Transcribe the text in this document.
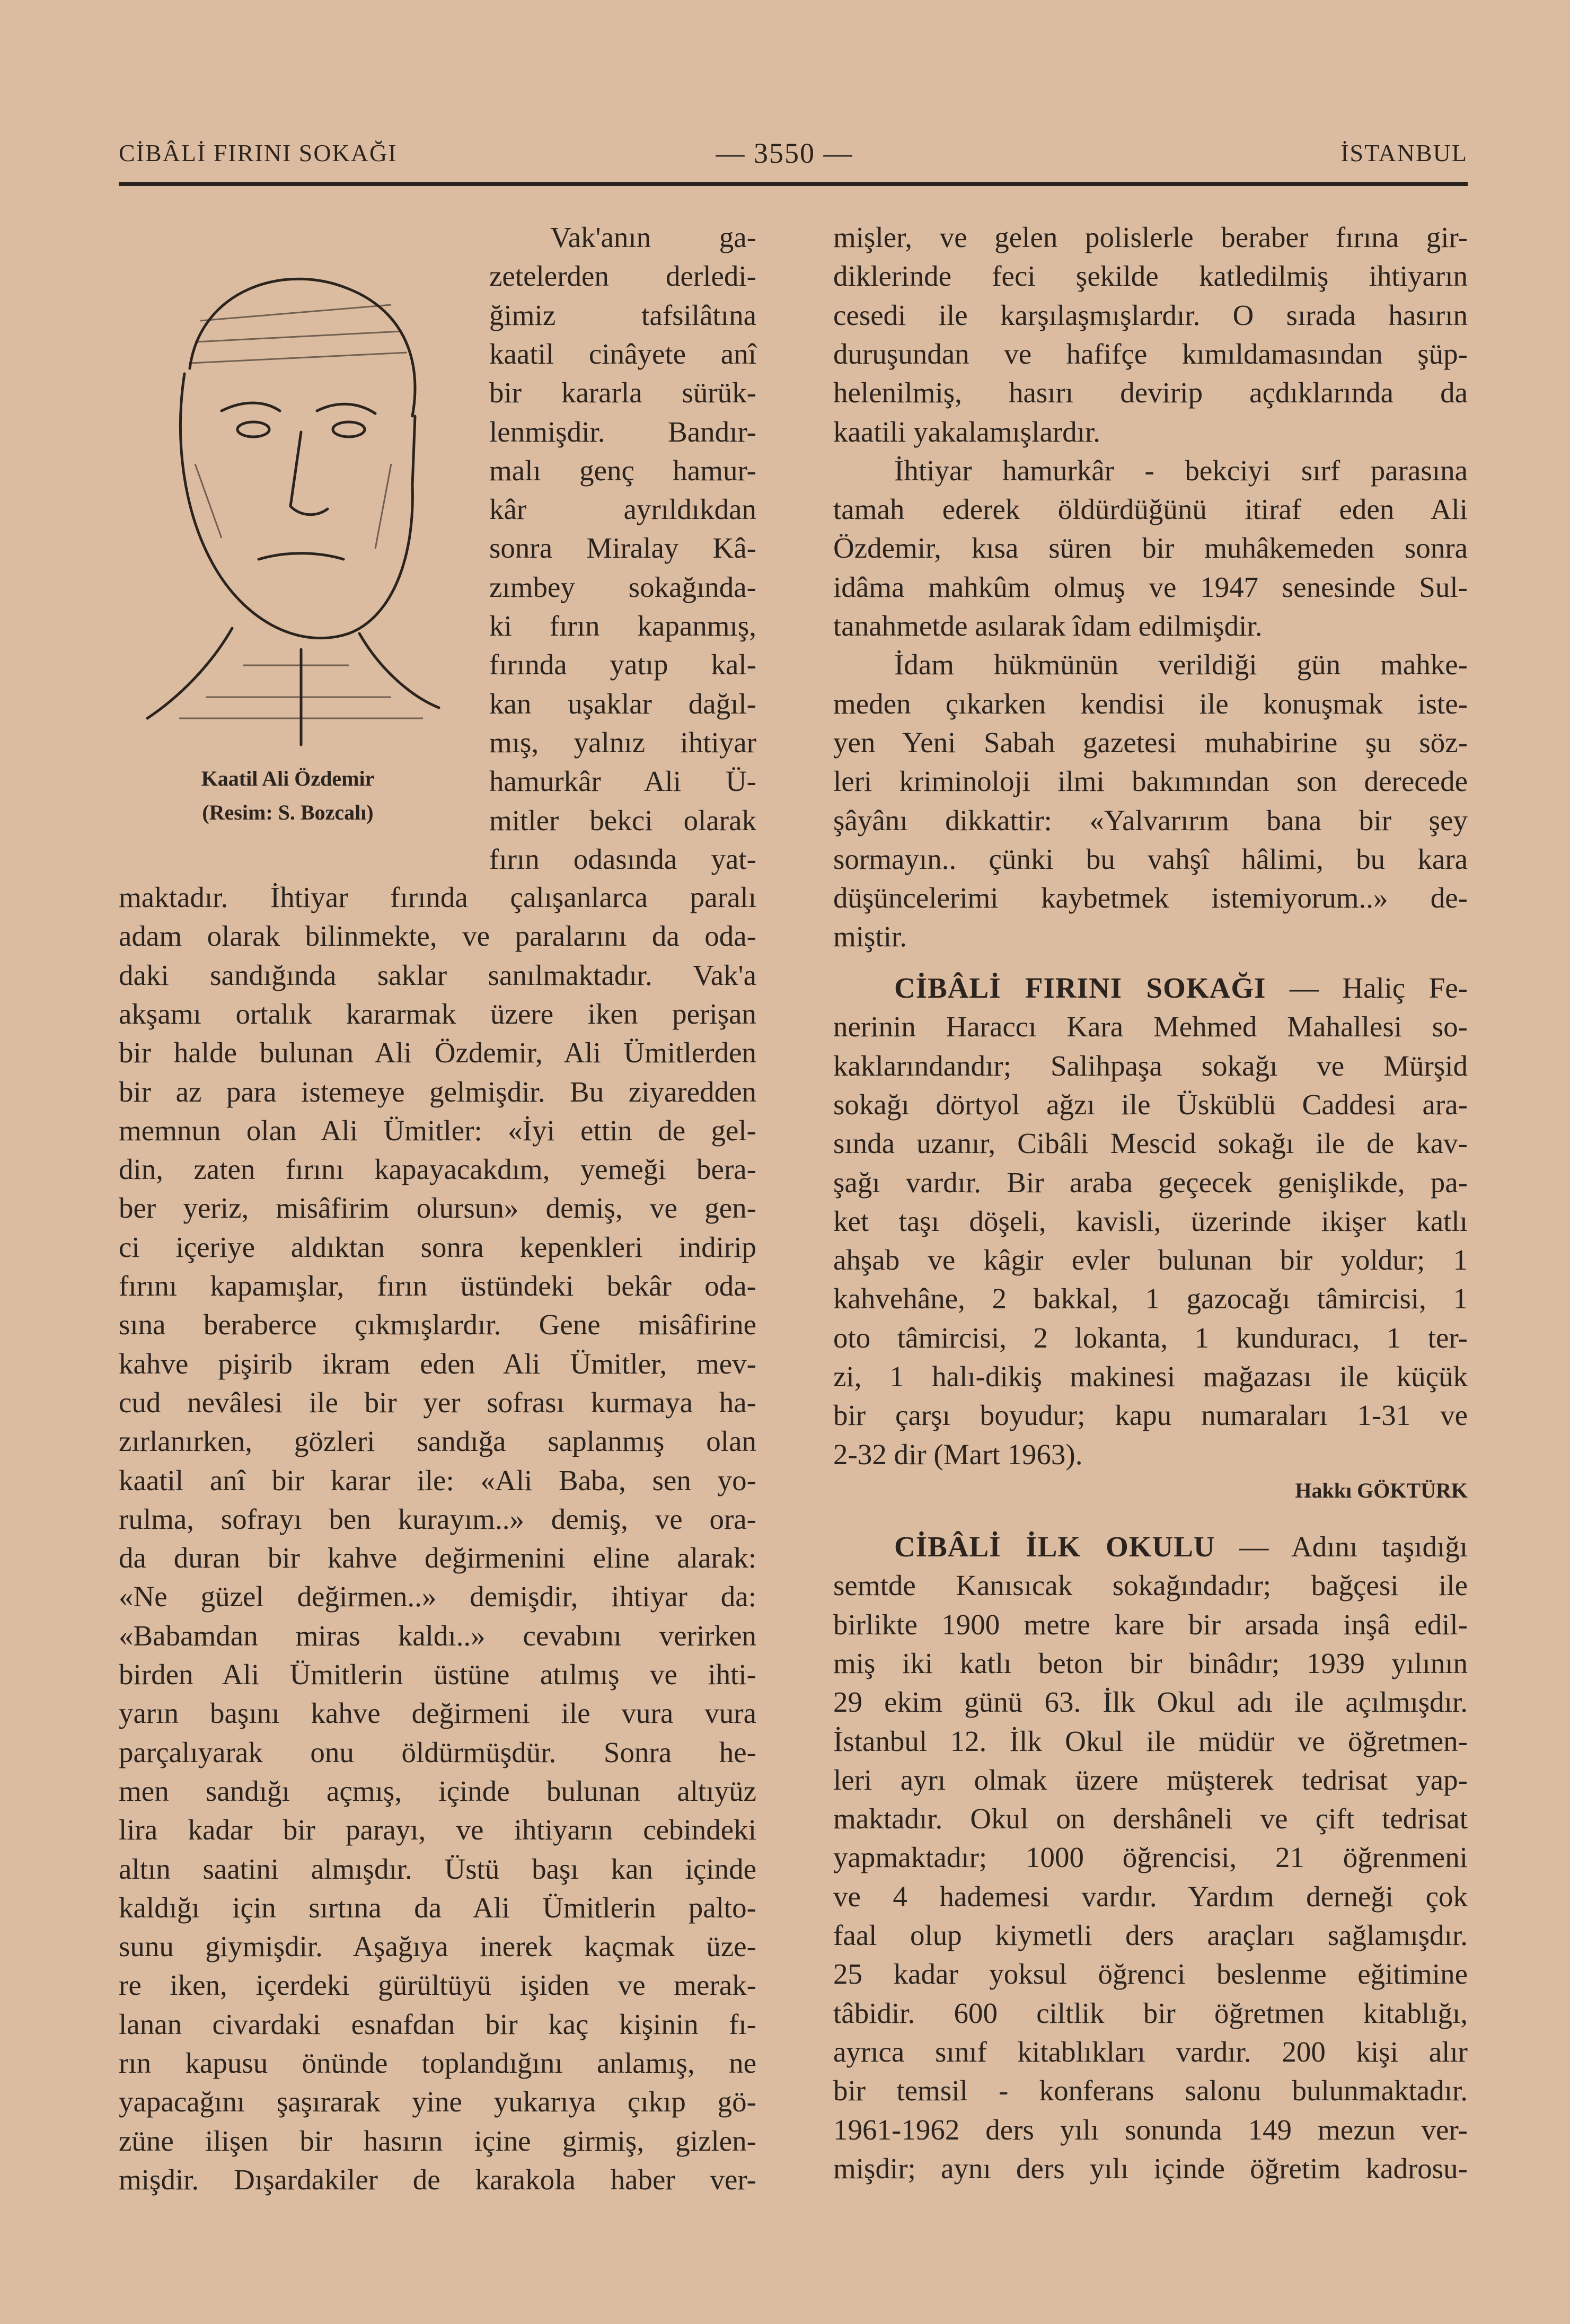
CİBÂLİ FIRINI SOKAĞI	— 3550 —	İSTANBUL
Kaatil Ali Özdemir
(Resim: S. Bozcalı)
Vak'anın ga-
zetelerden derledi-
ğimiz tafsilâtına
kaatil cinâyete anî
bir kararla sürük-
lenmişdir. Bandır-
malı genç hamur-
kâr ayrıldıkdan
sonra Miralay Kâ-
zımbey sokağında-
ki fırın kapanmış,
fırında yatıp kal-
kan uşaklar dağıl-
mış, yalnız ihtiyar
hamurkâr Ali Ü-
mitler bekci olarak
fırın odasında yat-
maktadır. İhtiyar fırında çalışanlarca paralı
adam olarak bilinmekte, ve paralarını da oda-
daki sandığında saklar sanılmaktadır. Vak'a
akşamı ortalık kararmak üzere iken perişan
bir halde bulunan Ali Özdemir, Ali Ümitlerden
bir az para istemeye gelmişdir. Bu ziyaredden
memnun olan Ali Ümitler: «İyi ettin de gel-
din, zaten fırını kapayacakdım, yemeği bera-
ber yeriz, misâfirim olursun» demiş, ve gen-
ci içeriye aldıktan sonra kepenkleri indirip
fırını kapamışlar, fırın üstündeki bekâr oda-
sına beraberce çıkmışlardır. Gene misâfirine
kahve pişirib ikram eden Ali Ümitler, mev-
cud nevâlesi ile bir yer sofrası kurmaya ha-
zırlanırken, gözleri sandığa saplanmış olan
kaatil anî bir karar ile: «Ali Baba, sen yo-
rulma, sofrayı ben kurayım..» demiş, ve ora-
da duran bir kahve değirmenini eline alarak:
«Ne güzel değirmen..» demişdir, ihtiyar da:
«Babamdan miras kaldı..» cevabını verirken
birden Ali Ümitlerin üstüne atılmış ve ihti-
yarın başını kahve değirmeni ile vura vura
parçalıyarak onu öldürmüşdür. Sonra he-
men sandığı açmış, içinde bulunan altıyüz
lira kadar bir parayı, ve ihtiyarın cebindeki
altın saatini almışdır. Üstü başı kan içinde
kaldığı için sırtına da Ali Ümitlerin palto-
sunu giymişdir. Aşağıya inerek kaçmak üze-
re iken, içerdeki gürültüyü işiden ve merak-
lanan civardaki esnafdan bir kaç kişinin fı-
rın kapusu önünde toplandığını anlamış, ne
yapacağını şaşırarak yine yukarıya çıkıp gö-
züne ilişen bir hasırın içine girmiş, gizlen-
mişdir. Dışardakiler de karakola haber ver-
mişler, ve gelen polislerle beraber fırına gir-
diklerinde feci şekilde katledilmiş ihtiyarın
cesedi ile karşılaşmışlardır. O sırada hasırın
duruşundan ve hafifçe kımıldamasından şüp-
helenilmiş, hasırı devirip açdıklarında da
kaatili yakalamışlardır.
İhtiyar hamurkâr - bekciyi sırf parasına
tamah ederek öldürdüğünü itiraf eden Ali
Özdemir, kısa süren bir muhâkemeden sonra
idâma mahkûm olmuş ve 1947 senesinde Sul-
tanahmetde asılarak îdam edilmişdir.
İdam hükmünün verildiği gün mahke-
meden çıkarken kendisi ile konuşmak iste-
yen Yeni Sabah gazetesi muhabirine şu söz-
leri kriminoloji ilmi bakımından son derecede
şâyânı dikkattir: «Yalvarırım bana bir şey
sormayın.. çünki bu vahşî hâlimi, bu kara
düşüncelerimi kaybetmek istemiyorum..» de-
miştir.
CİBÂLİ FIRINI SOKAĞI — Haliç Fe-
nerinin Haraccı Kara Mehmed Mahallesi so-
kaklarındandır; Salihpaşa sokağı ve Mürşid
sokağı dörtyol ağzı ile Üsküblü Caddesi ara-
sında uzanır, Cibâli Mescid sokağı ile de kav-
şağı vardır. Bir araba geçecek genişlikde, pa-
ket taşı döşeli, kavisli, üzerinde ikişer katlı
ahşab ve kâgir evler bulunan bir yoldur; 1
kahvehâne, 2 bakkal, 1 gazocağı tâmircisi, 1
oto tâmircisi, 2 lokanta, 1 kunduracı, 1 ter-
zi, 1 halı-dikiş makinesi mağazası ile küçük
bir çarşı boyudur; kapu numaraları 1-31 ve
2-32 dir (Mart 1963).
Hakkı GÖKTÜRK
CİBÂLİ İLK OKULU — Adını taşıdığı
semtde Kanısıcak sokağındadır; bağçesi ile
birlikte 1900 metre kare bir arsada inşâ edil-
miş iki katlı beton bir binâdır; 1939 yılının
29 ekim günü 63. İlk Okul adı ile açılmışdır.
İstanbul 12. İlk Okul ile müdür ve öğretmen-
leri ayrı olmak üzere müşterek tedrisat yap-
maktadır. Okul on dershâneli ve çift tedrisat
yapmaktadır; 1000 öğrencisi, 21 öğrenmeni
ve 4 hademesi vardır. Yardım derneği çok
faal olup kiymetli ders araçları sağlamışdır.
25 kadar yoksul öğrenci beslenme eğitimine
tâbidir. 600 ciltlik bir öğretmen kitablığı,
ayrıca sınıf kitablıkları vardır. 200 kişi alır
bir temsil - konferans salonu bulunmaktadır.
1961-1962 ders yılı sonunda 149 mezun ver-
mişdir; aynı ders yılı içinde öğretim kadrosu-
